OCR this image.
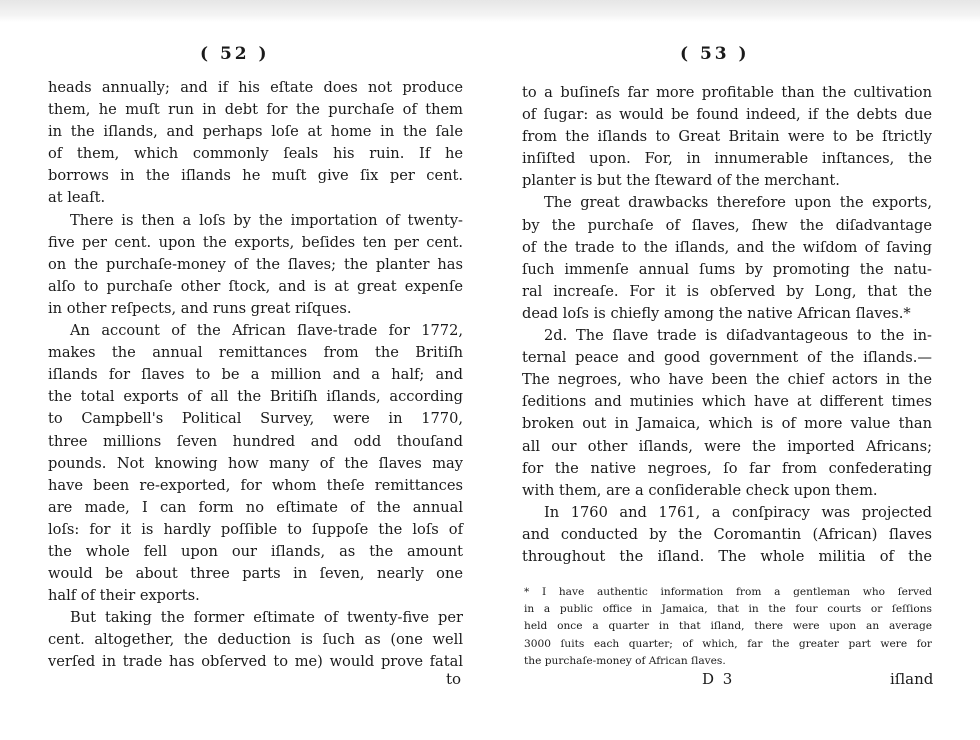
( 52 )
heads annually; and if his eſtate does not produce
them, he muſt run in debt for the purchaſe of them
in the iſlands, and perhaps loſe at home in the ſale
of them, which commonly ſeals his ruin. If he
borrows in the iſlands he muſt give ſix per cent.
at leaſt.
There is then a loſs by the importation of twenty-
five per cent. upon the exports, beſides ten per cent.
on the purchaſe-money of the ſlaves; the planter has
alſo to purchaſe other ſtock, and is at great expenſe
in other reſpects, and runs great riſques.
An account of the African ſlave-trade for 1772,
makes the annual remittances from the Britiſh
iſlands for ſlaves to be a million and a half; and
the total exports of all the Britiſh iſlands, according
to Campbell's Political Survey, were in 1770,
three millions ſeven hundred and odd thouſand
pounds. Not knowing how many of the ſlaves may
have been re-exported, for whom theſe remittances
are made, I can form no eſtimate of the annual
loſs: for it is hardly poſſible to ſuppoſe the loſs of
the whole fell upon our iſlands, as the amount
would be about three parts in ſeven, nearly one
half of their exports.
But taking the former eſtimate of twenty-five per
cent. altogether, the deduction is ſuch as (one well
verſed in trade has obſerved to me) would prove fatal
to
( 53 )
to a buſineſs far more profitable than the cultivation
of ſugar: as would be found indeed, if the debts due
from the iſlands to Great Britain were to be ſtrictly
inſiſted upon. For, in innumerable inſtances, the
planter is but the ſteward of the merchant.
The great drawbacks therefore upon the exports,
by the purchaſe of ſlaves, ſhew the diſadvantage
of the trade to the iſlands, and the wiſdom of ſaving
ſuch immenſe annual ſums by promoting the natu-
ral increaſe. For it is obſerved by Long, that the
dead loſs is chiefly among the native African ſlaves.*
2d. The ſlave trade is diſadvantageous to the in-
ternal peace and good government of the iſlands.—
The negroes, who have been the chief actors in the
ſeditions and mutinies which have at different times
broken out in Jamaica, which is of more value than
all our other iſlands, were the imported Africans;
for the native negroes, ſo far from confederating
with them, are a conſiderable check upon them.
In 1760 and 1761, a conſpiracy was projected
and conducted by the Coromantin (African) ſlaves
throughout the iſland. The whole militia of the
* I have authentic information from a gentleman who ſerved
in a public office in Jamaica, that in the four courts or ſeſſions
held once a quarter in that iſland, there were upon an average
3000 ſuits each quarter; of which, far the greater part were for
the purchaſe-money of African ſlaves.
D 3	iſland
